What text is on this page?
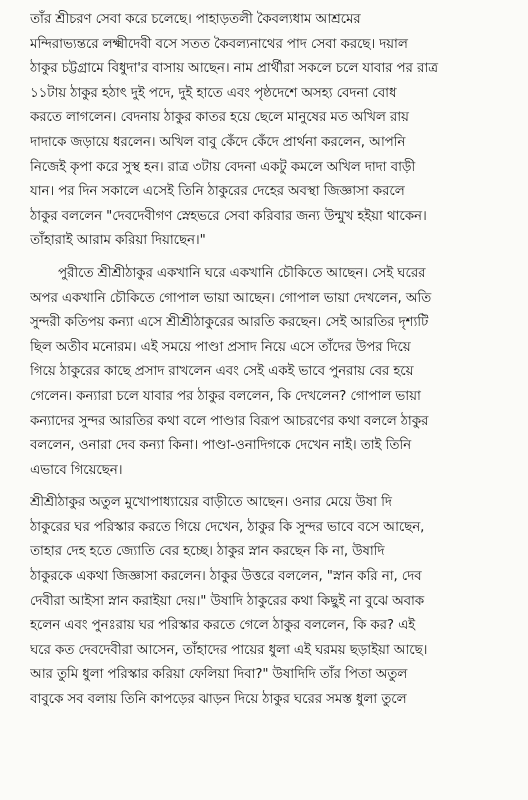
তাঁর শ্রীচরণ সেবা করে চলেছে। পাহাড়তলী কৈবল্যধাম আশ্রমের
মন্দিরাভ্যন্তরে লক্ষ্মীদেবী বসে সতত কৈবল্যনাথের পাদ সেবা করছে। দয়াল
ঠাকুর চট্টগ্রামে বিধুদা'র বাসায় আছেন। নাম প্রার্থীরা সকলে চলে যাবার পর রাত্র
১১টায় ঠাকুর হঠাৎ দুই পদে, দুই হাতে এবং পৃষ্ঠদেশে অসহ্য বেদনা বোধ
করতে লাগলেন। বেদনায় ঠাকুর কাতর হয়ে ছেলে মানুষের মত অখিল রায়
দাদাকে জড়ায়ে ধরলেন। অখিল বাবু কেঁদে কেঁদে প্রার্থনা করলেন, আপনি
নিজেই কৃপা করে সুস্থ হন। রাত্র ৩টায় বেদনা একটু কমলে অখিল দাদা বাড়ী
যান। পর দিন সকালে এসেই তিনি ঠাকুরের দেহের অবস্থা জিজ্ঞাসা করলে
ঠাকুর বললেন "দেবদেবীগণ স্নেহভরে সেবা করিবার জন্য উন্মুখ হইয়া থাকেন।
তাঁহারাই আরাম করিয়া দিয়াছেন।"
পুরীতে শ্রীশ্রীঠাকুর একখানি ঘরে একখানি চৌকিতে আছেন। সেই ঘরের
অপর একখানি চৌকিতে গোপাল ভায়া আছেন। গোপাল ভায়া দেখলেন, অতি
সুন্দরী কতিপয় কন্যা এসে শ্রীশ্রীঠাকুরের আরতি করছেন। সেই আরতির দৃশ্যটি
ছিল অতীব মনোরম। এই সময়ে পাণ্ডা প্রসাদ নিয়ে এসে তাঁদের উপর দিয়ে
গিয়ে ঠাকুরের কাছে প্রসাদ রাখলেন এবং সেই একই ভাবে পুনরায় বের হয়ে
গেলেন। কন্যারা চলে যাবার পর ঠাকুর বললেন, কি দেখলেন? গোপাল ভায়া
কন্যাদের সুন্দর আরতির কথা বলে পাণ্ডার বিরূপ আচরণের কথা বললে ঠাকুর
বললেন, ওনারা দেব কন্যা কিনা। পাণ্ডা-ওনাদিগকে দেখেন নাই। তাই তিনি
এভাবে গিয়েছেন।
শ্রীশ্রীঠাকুর অতুল মুখোপাধ্যায়ের বাড়ীতে আছেন। ওনার মেয়ে উষা দি
ঠাকুরের ঘর পরিস্কার করতে গিয়ে দেখেন, ঠাকুর কি সুন্দর ভাবে বসে আছেন,
তাহার দেহ হতে জ্যোতি বের হচ্ছে। ঠাকুর স্নান করছেন কি না, উষাদি
ঠাকুরকে একথা জিজ্ঞাসা করলেন। ঠাকুর উত্তরে বললেন, "স্নান করি না, দেব
দেবীরা আইসা স্নান করাইয়া দেয়।" উষাদি ঠাকুরের কথা কিছুই না বুঝে অবাক
হলেন এবং পুনঃরায় ঘর পরিস্কার করতে গেলে ঠাকুর বললেন, কি কর? এই
ঘরে কত দেবদেবীরা আসেন, তাঁহাদের পায়ের ধুলা এই ঘরময় ছড়াইয়া আছে।
আর তুমি ধুলা পরিস্কার করিয়া ফেলিয়া দিবা?" উষাদিদি তাঁর পিতা অতুল
বাবুকে সব বলায় তিনি কাপড়ের ঝাড়ন দিয়ে ঠাকুর ঘরের সমস্ত ধুলা তুলে
